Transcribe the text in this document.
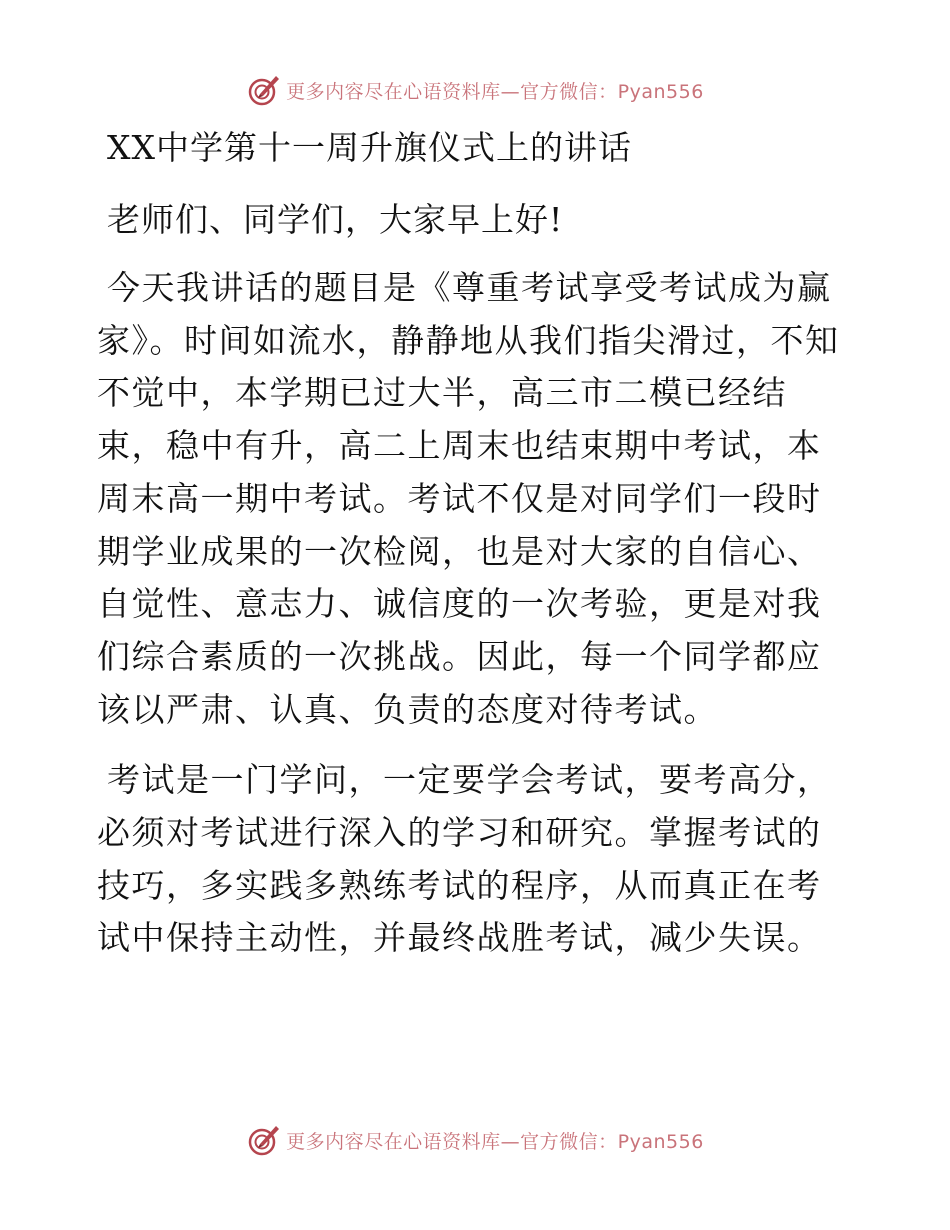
更多内容尽在心语资料库—官方微信：Pyan556
XX中学第十一周升旗仪式上的讲话

老师们、同学们，大家早上好!

今天我讲话的题目是《尊重考试享受考试成为赢家》。时间如流水，静静地从我们指尖滑过，不知不觉中，本学期已过大半，高三市二模已经结束，稳中有升，高二上周末也结束期中考试，本周末高一期中考试。考试不仅是对同学们一段时期学业成果的一次检阅，也是对大家的自信心、自觉性、意志力、诚信度的一次考验，更是对我们综合素质的一次挑战。因此，每一个同学都应该以严肃、认真、负责的态度对待考试。

考试是一门学问，一定要学会考试，要考高分，必须对考试进行深入的学习和研究。掌握考试的技巧，多实践多熟练考试的程序，从而真正在考试中保持主动性，并最终战胜考试，减少失误。

更多内容尽在心语资料库—官方微信：Pyan556
